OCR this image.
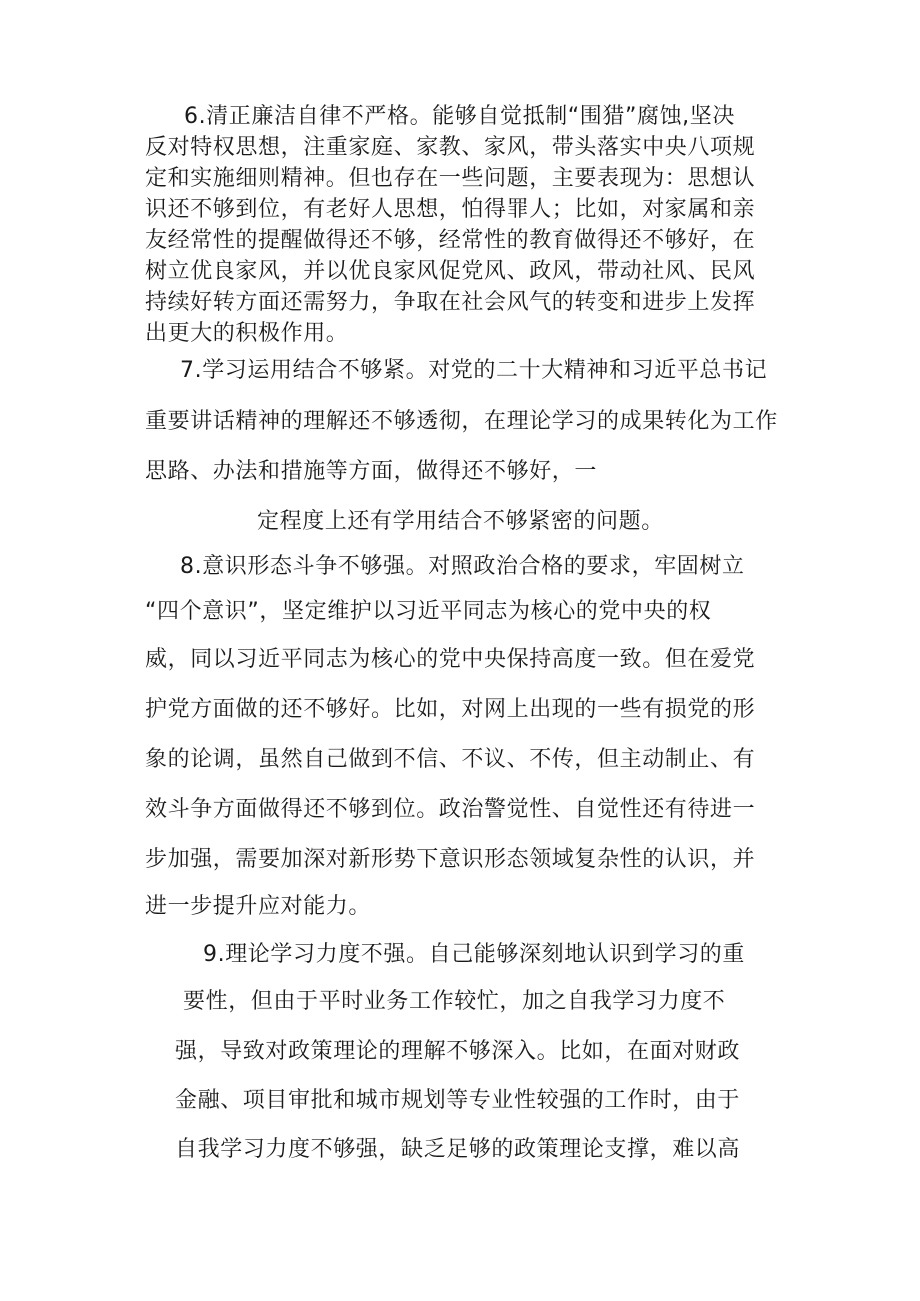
6.清正廉洁自律不严格。能够自觉抵制“围猎”腐蚀,坚决
反对特权思想，注重家庭、家教、家风，带头落实中央八项规
定和实施细则精神。但也存在一些问题，主要表现为：思想认
识还不够到位，有老好人思想，怕得罪人；比如，对家属和亲
友经常性的提醒做得还不够，经常性的教育做得还不够好，在
树立优良家风，并以优良家风促党风、政风，带动社风、民风
持续好转方面还需努力，争取在社会风气的转变和进步上发挥
出更大的积极作用。
7.学习运用结合不够紧。对党的二十大精神和习近平总书记
重要讲话精神的理解还不够透彻，在理论学习的成果转化为工作
思路、办法和措施等方面，做得还不够好，一
定程度上还有学用结合不够紧密的问题。
8.意识形态斗争不够强。对照政治合格的要求，牢固树立
“四个意识”，坚定维护以习近平同志为核心的党中央的权
威，同以习近平同志为核心的党中央保持高度一致。但在爱党
护党方面做的还不够好。比如，对网上出现的一些有损党的形
象的论调，虽然自己做到不信、不议、不传，但主动制止、有
效斗争方面做得还不够到位。政治警觉性、自觉性还有待进一
步加强，需要加深对新形势下意识形态领域复杂性的认识，并
进一步提升应对能力。
9.理论学习力度不强。自己能够深刻地认识到学习的重
要性，但由于平时业务工作较忙，加之自我学习力度不
强，导致对政策理论的理解不够深入。比如，在面对财政
金融、项目审批和城市规划等专业性较强的工作时，由于
自我学习力度不够强，缺乏足够的政策理论支撑，难以高
